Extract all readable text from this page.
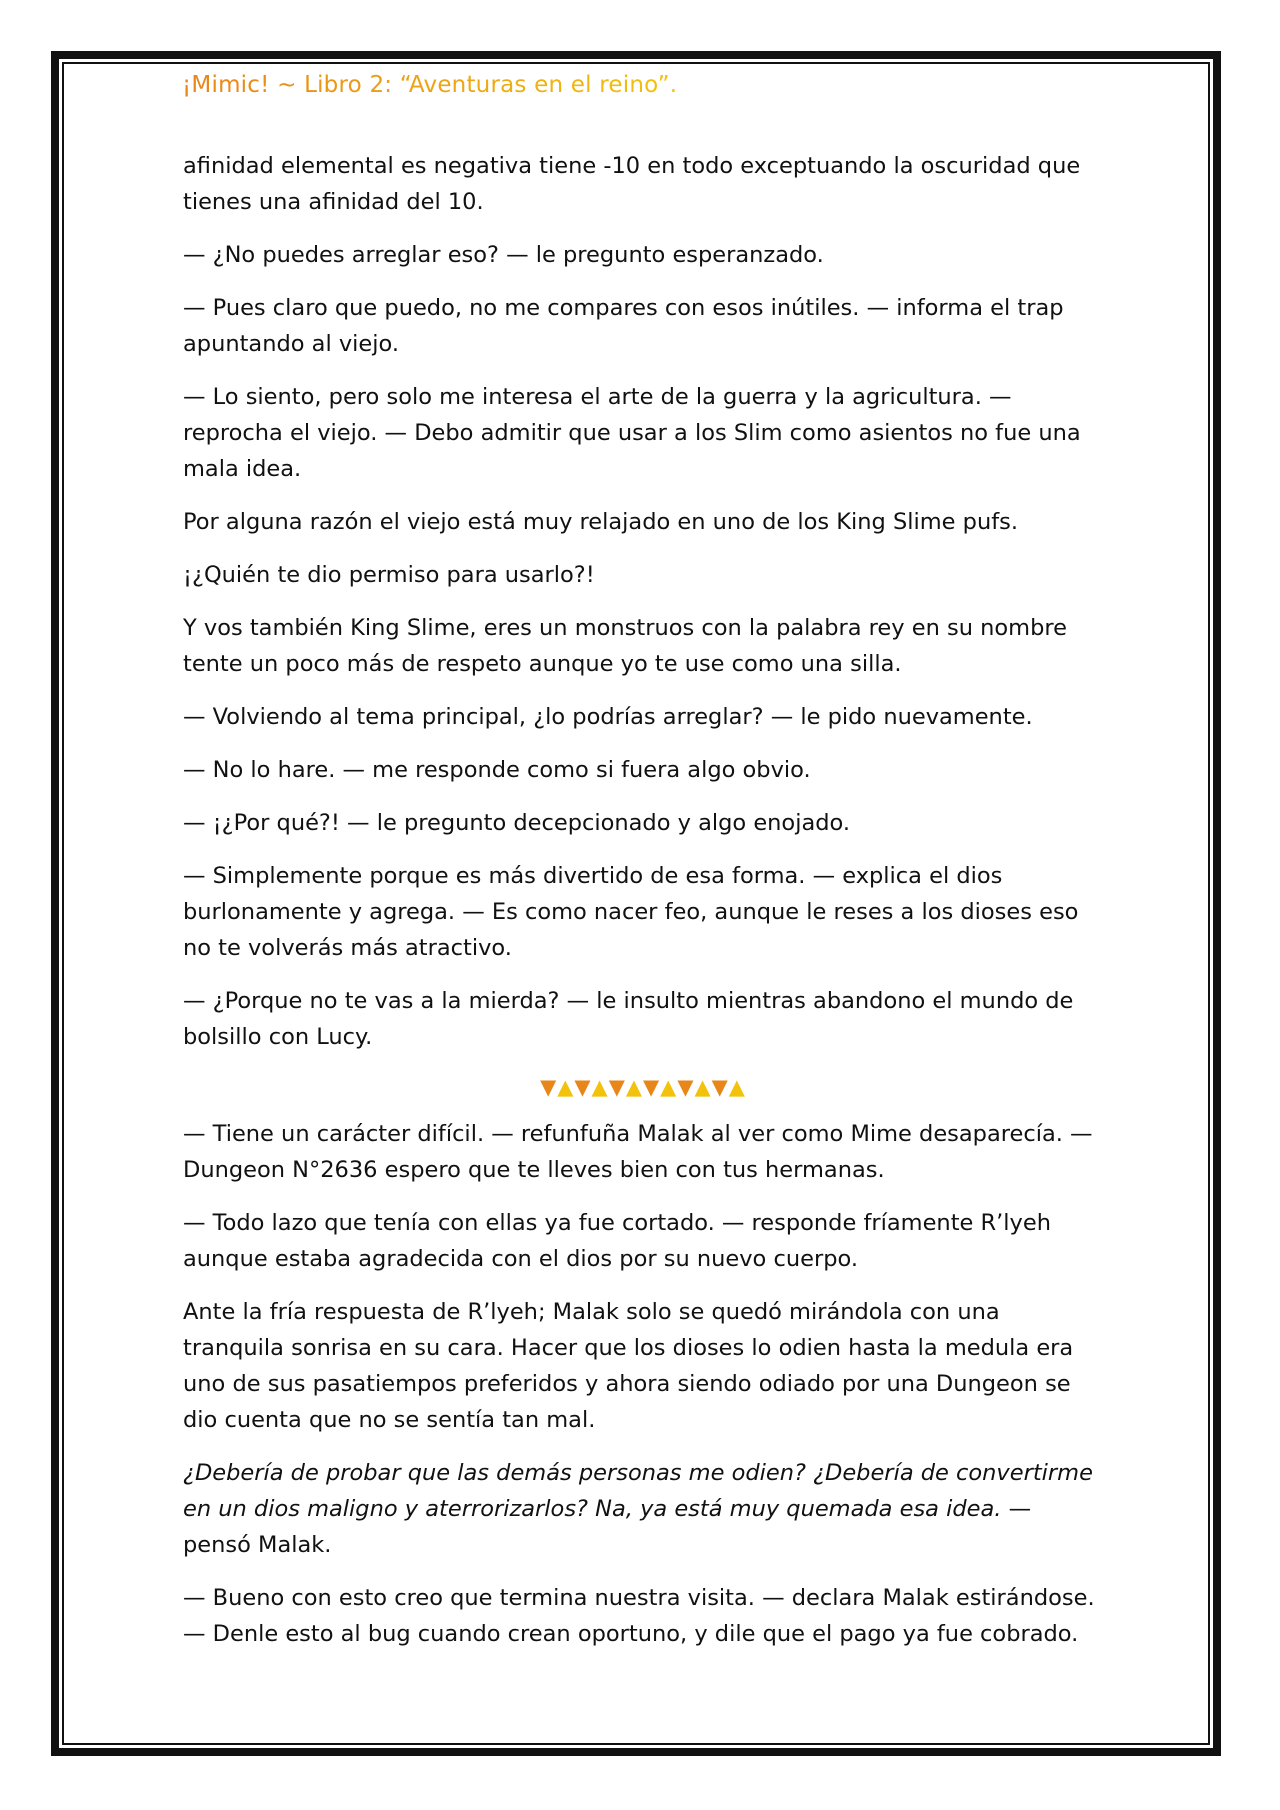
¡Mimic! ~ Libro 2: “Aventuras en el reino”.

afinidad elemental es negativa tiene -10 en todo exceptuando la oscuridad que tienes una afinidad del 10.

— ¿No puedes arreglar eso? — le pregunto esperanzado.

— Pues claro que puedo, no me compares con esos inútiles. — informa el trap apuntando al viejo.

— Lo siento, pero solo me interesa el arte de la guerra y la agricultura. — reprocha el viejo. — Debo admitir que usar a los Slim como asientos no fue una mala idea.

Por alguna razón el viejo está muy relajado en uno de los King Slime pufs.

¡¿Quién te dio permiso para usarlo?!

Y vos también King Slime, eres un monstruos con la palabra rey en su nombre tente un poco más de respeto aunque yo te use como una silla.

— Volviendo al tema principal, ¿lo podrías arreglar? — le pido nuevamente.

— No lo hare. — me responde como si fuera algo obvio.

— ¡¿Por qué?! — le pregunto decepcionado y algo enojado.

— Simplemente porque es más divertido de esa forma. — explica el dios burlonamente y agrega. — Es como nacer feo, aunque le reses a los dioses eso no te volverás más atractivo.

— ¿Porque no te vas a la mierda? — le insulto mientras abandono el mundo de bolsillo con Lucy.

▼▲▼▲▼▲▼▲▼▲▼▲

— Tiene un carácter difícil. — refunfuña Malak al ver como Mime desaparecía. — Dungeon N°2636 espero que te lleves bien con tus hermanas.

— Todo lazo que tenía con ellas ya fue cortado. — responde fríamente R’lyeh aunque estaba agradecida con el dios por su nuevo cuerpo.

Ante la fría respuesta de R’lyeh; Malak solo se quedó mirándola con una tranquila sonrisa en su cara. Hacer que los dioses lo odien hasta la medula era uno de sus pasatiempos preferidos y ahora siendo odiado por una Dungeon se dio cuenta que no se sentía tan mal.

¿Debería de probar que las demás personas me odien? ¿Debería de convertirme en un dios maligno y aterrorizarlos? Na, ya está muy quemada esa idea. — pensó Malak.

— Bueno con esto creo que termina nuestra visita. — declara Malak estirándose. — Denle esto al bug cuando crean oportuno, y dile que el pago ya fue cobrado.
